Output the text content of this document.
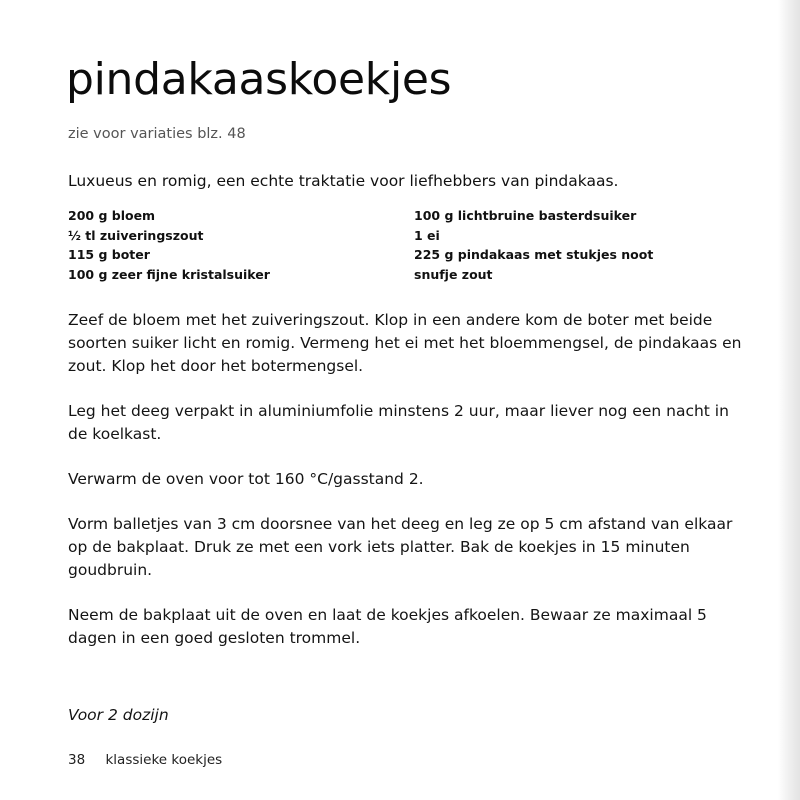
pindakaaskoekjes
zie voor variaties blz. 48
Luxueus en romig, een echte traktatie voor liefhebbers van pindakaas.
200 g bloem
½ tl zuiveringszout
115 g boter
100 g zeer fijne kristalsuiker
100 g lichtbruine basterdsuiker
1 ei
225 g pindakaas met stukjes noot
snufje zout

Zeef de bloem met het zuiveringszout. Klop in een andere kom de boter met beide soorten suiker licht en romig. Vermeng het ei met het bloemmengsel, de pindakaas en zout. Klop het door het botermengsel.

Leg het deeg verpakt in aluminiumfolie minstens 2 uur, maar liever nog een nacht in de koelkast.

Verwarm de oven voor tot 160 °C/gasstand 2.

Vorm balletjes van 3 cm doorsnee van het deeg en leg ze op 5 cm afstand van elkaar op de bakplaat. Druk ze met een vork iets platter. Bak de koekjes in 15 minuten goudbruin.

Neem de bakplaat uit de oven en laat de koekjes afkoelen. Bewaar ze maximaal 5 dagen in een goed gesloten trommel.

Voor 2 dozijn
38 klassieke koekjes
